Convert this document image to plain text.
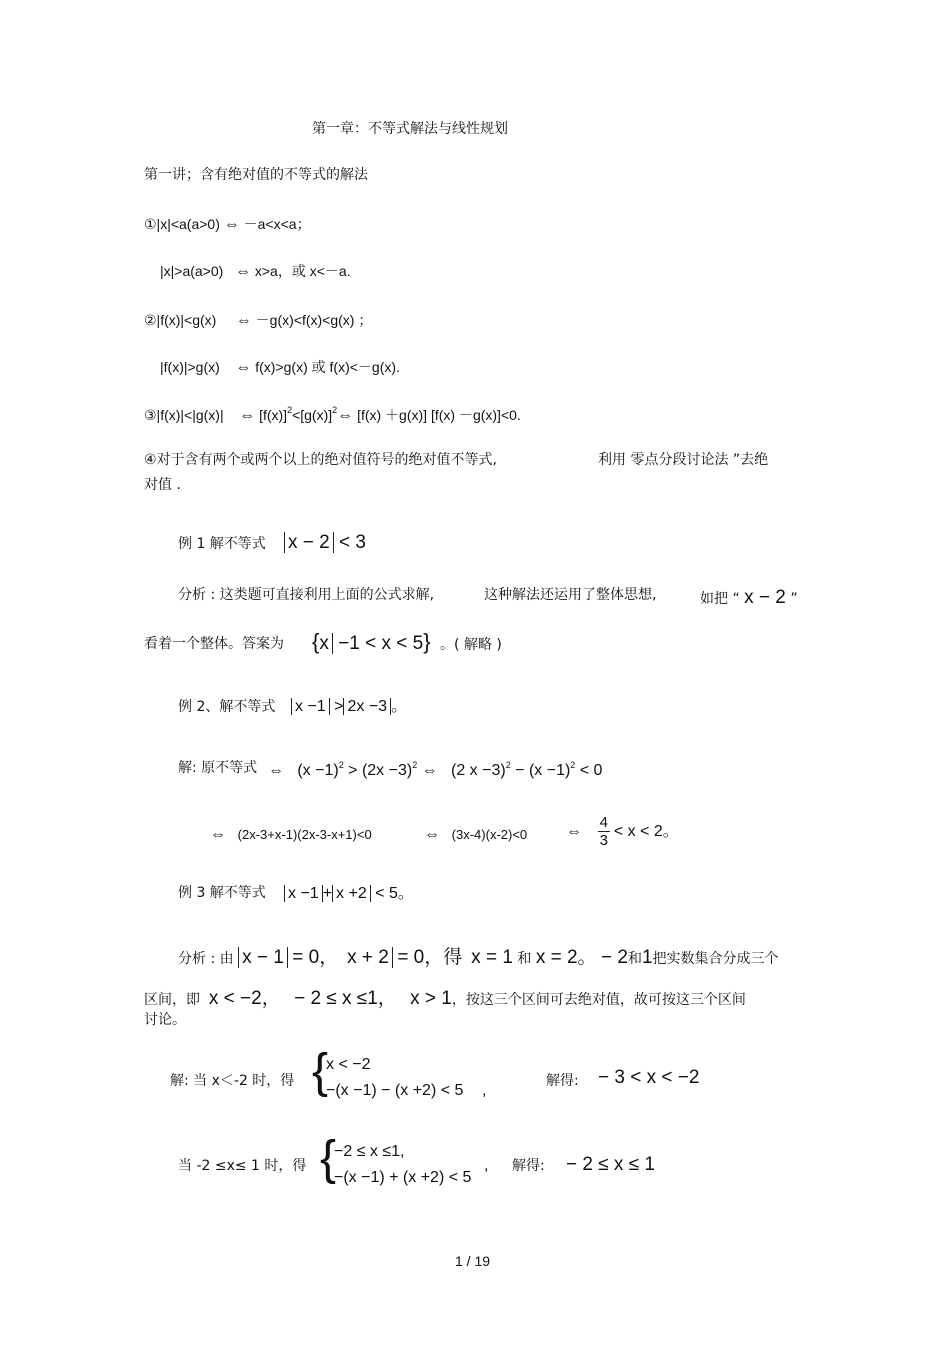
第一章：不等式解法与线性规划
第一讲；含有绝对值的不等式的解法
①|x|<a(a>0) ⇔ －a<x<a；
|x|>a(a>0) ⇔ x>a，或 x<－a.
②|f(x)|<g(x) ⇔ －g(x)<f(x)<g(x) ；
|f(x)|>g(x) ⇔ f(x)>g(x) 或 f(x)<－g(x).
③|f(x)|<|g(x)| ⇔ $[f(x)]^2<[g(x)]^2\Leftrightarrow$ [f(x) ＋g(x)] [f(x) －g(x)]<0.
④对于含有两个或两个以上的绝对值符号的绝对值不等式,	利用 零点分段讨论法 ”去绝
对值 .
例 1 解不等式 x − 2 < 3
分析 : 这类题可直接利用上面的公式求解,	这种解法还运用了整体思想,	如把 “ x − 2 ”
看着一个整体。答案为 {x −1 < x < 5} 。( 解略 )
例 2、解不等式 x −1 > 2x −3 。
解: 原不等式 ⇔ $(x -1)^2 > (2x -3)^2$ ⇔ (2 $x -3)^2 - (x -1)^2 < 0$
⇔ (2x-3+x-1)(2x-3-x+1)<0	⇔ (3x-4)(x-2)<0 ⇔ $\frac{4}{3} < x < 2$。
例 3 解不等式 x −1 + x +2 < 5。
分析 : 由 x − 1 = 0， x + 2 = 0，得 x = 1 和 x = 2。 − 2和1把实数集合分成三个
区间，即 x < −2， − 2 ≤ x ≤1， x > 1，按这三个区间可去绝对值，故可按这三个区间
讨论。
解: 当 x＜-2 时，得 {
x < −2
−(x −1) − (x +2) < 5 ,
解得: − 3 < x < −2
当 -2 ≤x≤ 1 时，得 {
−2 ≤ x ≤1,
−(x −1) + (x +2) < 5
, 解得: − 2 ≤ x ≤ 1
1 / 19
